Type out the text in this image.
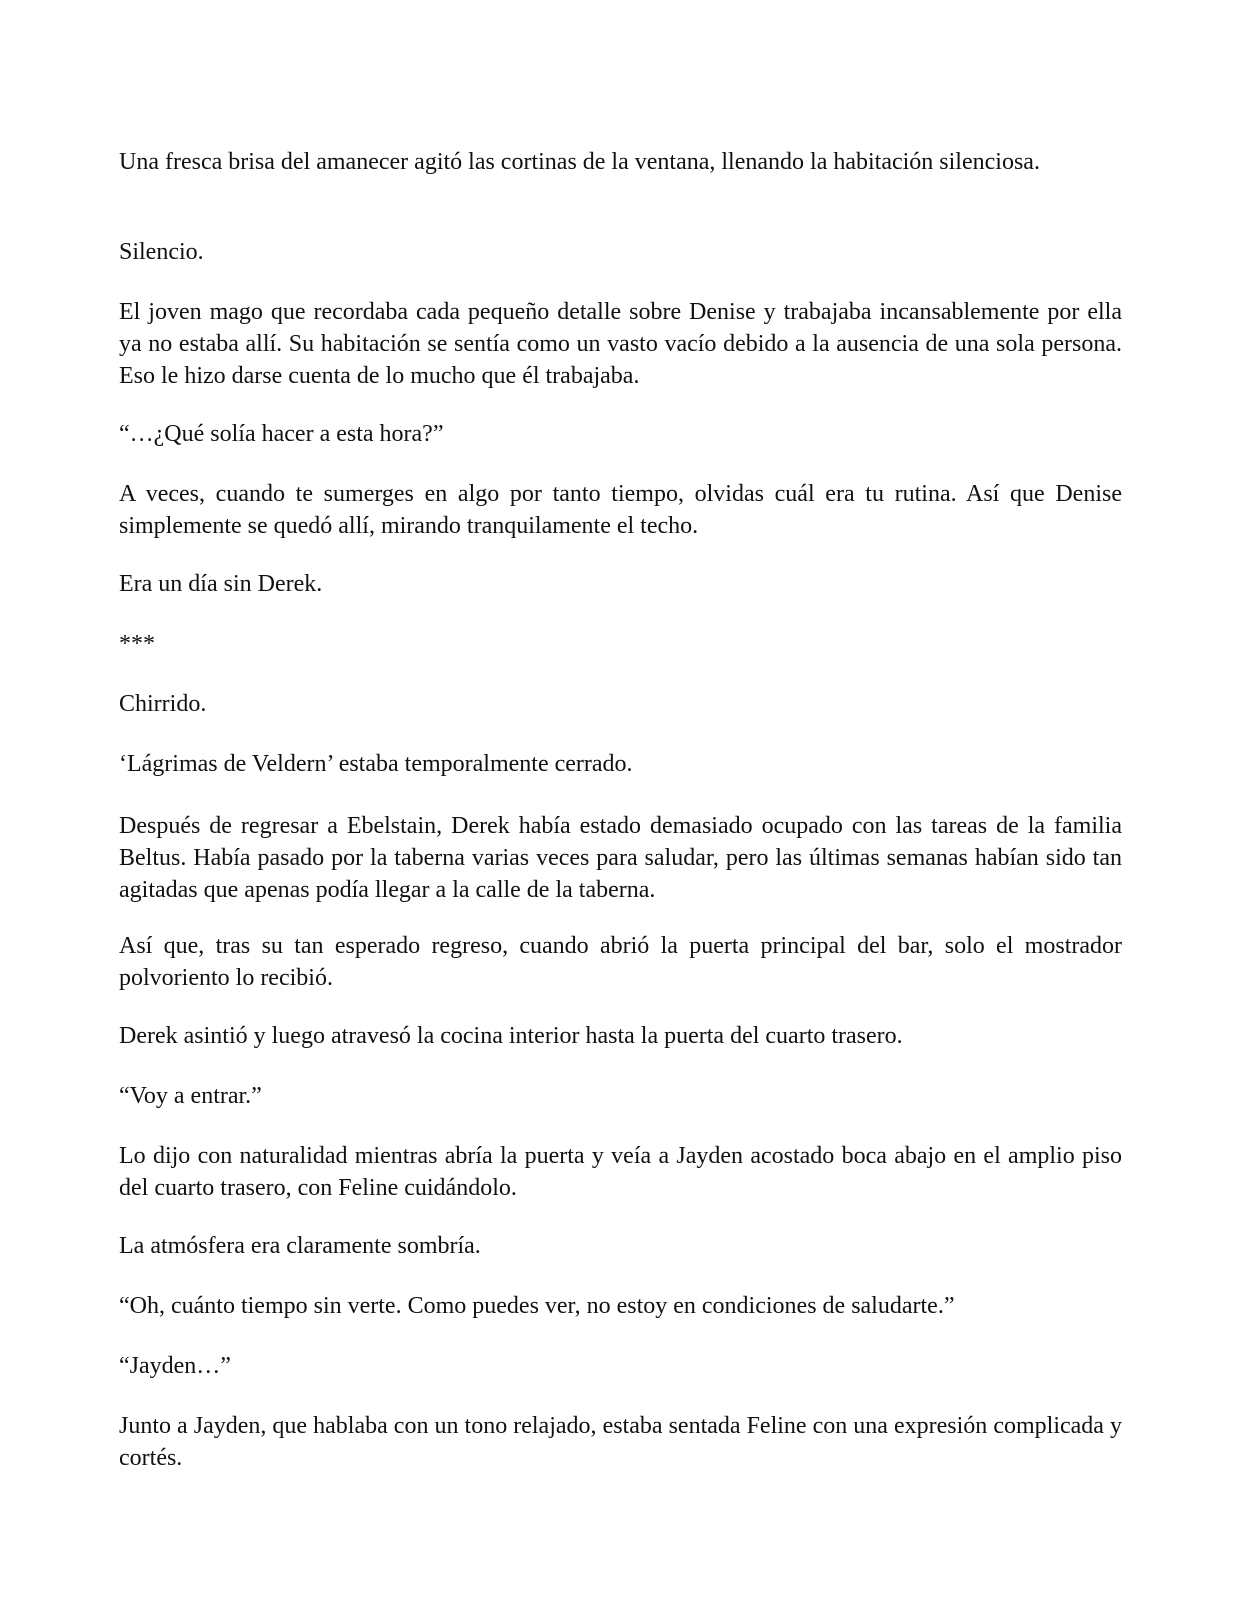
Una fresca brisa del amanecer agitó las cortinas de la ventana, llenando la habitación silenciosa.

Silencio.

El joven mago que recordaba cada pequeño detalle sobre Denise y trabajaba incansablemente por ella ya no estaba allí. Su habitación se sentía como un vasto vacío debido a la ausencia de una sola persona. Eso le hizo darse cuenta de lo mucho que él trabajaba.

“…¿Qué solía hacer a esta hora?”

A veces, cuando te sumerges en algo por tanto tiempo, olvidas cuál era tu rutina. Así que Denise simplemente se quedó allí, mirando tranquilamente el techo.

Era un día sin Derek.

***

Chirrido.

‘Lágrimas de Veldern’ estaba temporalmente cerrado.

Después de regresar a Ebelstain, Derek había estado demasiado ocupado con las tareas de la familia Beltus. Había pasado por la taberna varias veces para saludar, pero las últimas semanas habían sido tan agitadas que apenas podía llegar a la calle de la taberna.

Así que, tras su tan esperado regreso, cuando abrió la puerta principal del bar, solo el mostrador polvoriento lo recibió.

Derek asintió y luego atravesó la cocina interior hasta la puerta del cuarto trasero.

“Voy a entrar.”

Lo dijo con naturalidad mientras abría la puerta y veía a Jayden acostado boca abajo en el amplio piso del cuarto trasero, con Feline cuidándolo.

La atmósfera era claramente sombría.

“Oh, cuánto tiempo sin verte. Como puedes ver, no estoy en condiciones de saludarte.”

“Jayden…”

Junto a Jayden, que hablaba con un tono relajado, estaba sentada Feline con una expresión complicada y cortés.
